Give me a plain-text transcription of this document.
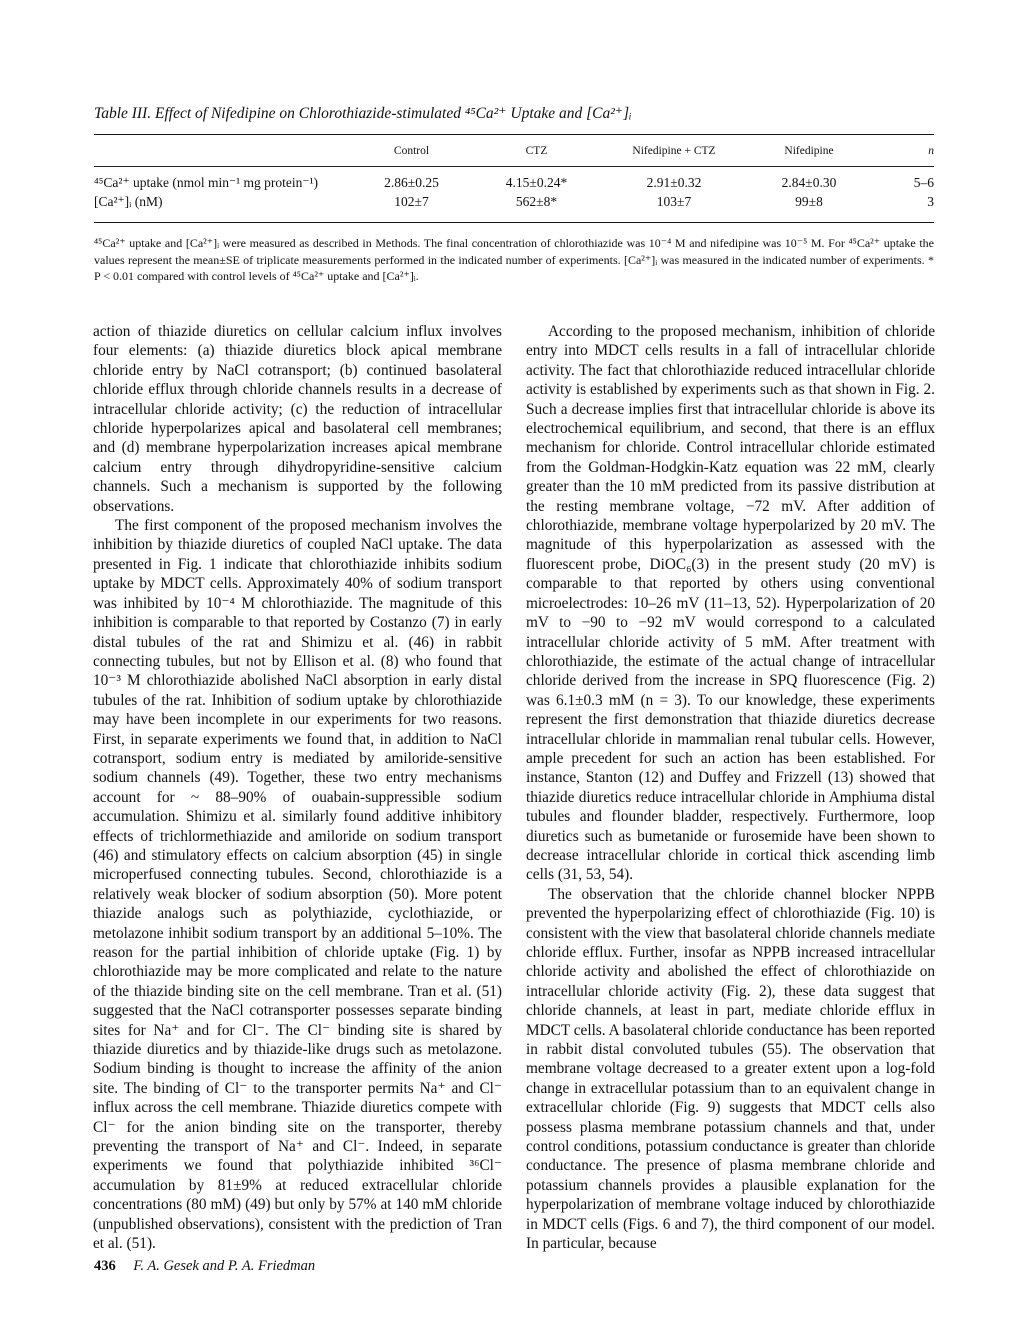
Table III. Effect of Nifedipine on Chlorothiazide-stimulated ⁴⁵Ca²⁺ Uptake and [Ca²⁺]ᵢ
	Control	CTZ	Nifedipine + CTZ	Nifedipine	n
⁴⁵Ca²⁺ uptake (nmol min⁻¹ mg protein⁻¹)	2.86±0.25	4.15±0.24*	2.91±0.32	2.84±0.30	5–6
[Ca²⁺]ᵢ (nM)	102±7	562±8*	103±7	99±8	3
⁴⁵Ca²⁺ uptake and [Ca²⁺]ᵢ were measured as described in Methods. The final concentration of chlorothiazide was 10⁻⁴ M and nifedipine was 10⁻⁵ M. For ⁴⁵Ca²⁺ uptake the values represent the mean±SE of triplicate measurements performed in the indicated number of experiments. [Ca²⁺]ᵢ was measured in the indicated number of experiments. * P < 0.01 compared with control levels of ⁴⁵Ca²⁺ uptake and [Ca²⁺]ᵢ.

action of thiazide diuretics on cellular calcium influx involves four elements: (a) thiazide diuretics block apical membrane chloride entry by NaCl cotransport; (b) continued basolateral chloride efflux through chloride channels results in a decrease of intracellular chloride activity; (c) the reduction of intracellular chloride hyperpolarizes apical and basolateral cell membranes; and (d) membrane hyperpolarization increases apical membrane calcium entry through dihydropyridine-sensitive calcium channels. Such a mechanism is supported by the following observations.

The first component of the proposed mechanism involves the inhibition by thiazide diuretics of coupled NaCl uptake. The data presented in Fig. 1 indicate that chlorothiazide inhibits sodium uptake by MDCT cells. Approximately 40% of sodium transport was inhibited by 10⁻⁴ M chlorothiazide. The magnitude of this inhibition is comparable to that reported by Costanzo (7) in early distal tubules of the rat and Shimizu et al. (46) in rabbit connecting tubules, but not by Ellison et al. (8) who found that 10⁻³ M chlorothiazide abolished NaCl absorption in early distal tubules of the rat. Inhibition of sodium uptake by chlorothiazide may have been incomplete in our experiments for two reasons. First, in separate experiments we found that, in addition to NaCl cotransport, sodium entry is mediated by amiloride-sensitive sodium channels (49). Together, these two entry mechanisms account for ~ 88–90% of ouabain-suppressible sodium accumulation. Shimizu et al. similarly found additive inhibitory effects of trichlormethiazide and amiloride on sodium transport (46) and stimulatory effects on calcium absorption (45) in single microperfused connecting tubules. Second, chlorothiazide is a relatively weak blocker of sodium absorption (50). More potent thiazide analogs such as polythiazide, cyclothiazide, or metolazone inhibit sodium transport by an additional 5–10%. The reason for the partial inhibition of chloride uptake (Fig. 1) by chlorothiazide may be more complicated and relate to the nature of the thiazide binding site on the cell membrane. Tran et al. (51) suggested that the NaCl cotransporter possesses separate binding sites for Na⁺ and for Cl⁻. The Cl⁻ binding site is shared by thiazide diuretics and by thiazide-like drugs such as metolazone. Sodium binding is thought to increase the affinity of the anion site. The binding of Cl⁻ to the transporter permits Na⁺ and Cl⁻ influx across the cell membrane. Thiazide diuretics compete with Cl⁻ for the anion binding site on the transporter, thereby preventing the transport of Na⁺ and Cl⁻. Indeed, in separate experiments we found that polythiazide inhibited ³⁶Cl⁻ accumulation by 81±9% at reduced extracellular chloride concentrations (80 mM) (49) but only by 57% at 140 mM chloride (unpublished observations), consistent with the prediction of Tran et al. (51).

According to the proposed mechanism, inhibition of chloride entry into MDCT cells results in a fall of intracellular chloride activity. The fact that chlorothiazide reduced intracellular chloride activity is established by experiments such as that shown in Fig. 2. Such a decrease implies first that intracellular chloride is above its electrochemical equilibrium, and second, that there is an efflux mechanism for chloride. Control intracellular chloride estimated from the Goldman-Hodgkin-Katz equation was 22 mM, clearly greater than the 10 mM predicted from its passive distribution at the resting membrane voltage, −72 mV. After addition of chlorothiazide, membrane voltage hyperpolarized by 20 mV. The magnitude of this hyperpolarization as assessed with the fluorescent probe, DiOC₆(3) in the present study (20 mV) is comparable to that reported by others using conventional microelectrodes: 10–26 mV (11–13, 52). Hyperpolarization of 20 mV to −90 to −92 mV would correspond to a calculated intracellular chloride activity of 5 mM. After treatment with chlorothiazide, the estimate of the actual change of intracellular chloride derived from the increase in SPQ fluorescence (Fig. 2) was 6.1±0.3 mM (n = 3). To our knowledge, these experiments represent the first demonstration that thiazide diuretics decrease intracellular chloride in mammalian renal tubular cells. However, ample precedent for such an action has been established. For instance, Stanton (12) and Duffey and Frizzell (13) showed that thiazide diuretics reduce intracellular chloride in Amphiuma distal tubules and flounder bladder, respectively. Furthermore, loop diuretics such as bumetanide or furosemide have been shown to decrease intracellular chloride in cortical thick ascending limb cells (31, 53, 54).

The observation that the chloride channel blocker NPPB prevented the hyperpolarizing effect of chlorothiazide (Fig. 10) is consistent with the view that basolateral chloride channels mediate chloride efflux. Further, insofar as NPPB increased intracellular chloride activity and abolished the effect of chlorothiazide on intracellular chloride activity (Fig. 2), these data suggest that chloride channels, at least in part, mediate chloride efflux in MDCT cells. A basolateral chloride conductance has been reported in rabbit distal convoluted tubules (55). The observation that membrane voltage decreased to a greater extent upon a log-fold change in extracellular potassium than to an equivalent change in extracellular chloride (Fig. 9) suggests that MDCT cells also possess plasma membrane potassium channels and that, under control conditions, potassium conductance is greater than chloride conductance. The presence of plasma membrane chloride and potassium channels provides a plausible explanation for the hyperpolarization of membrane voltage induced by chlorothiazide in MDCT cells (Figs. 6 and 7), the third component of our model. In particular, because

436 F. A. Gesek and P. A. Friedman
